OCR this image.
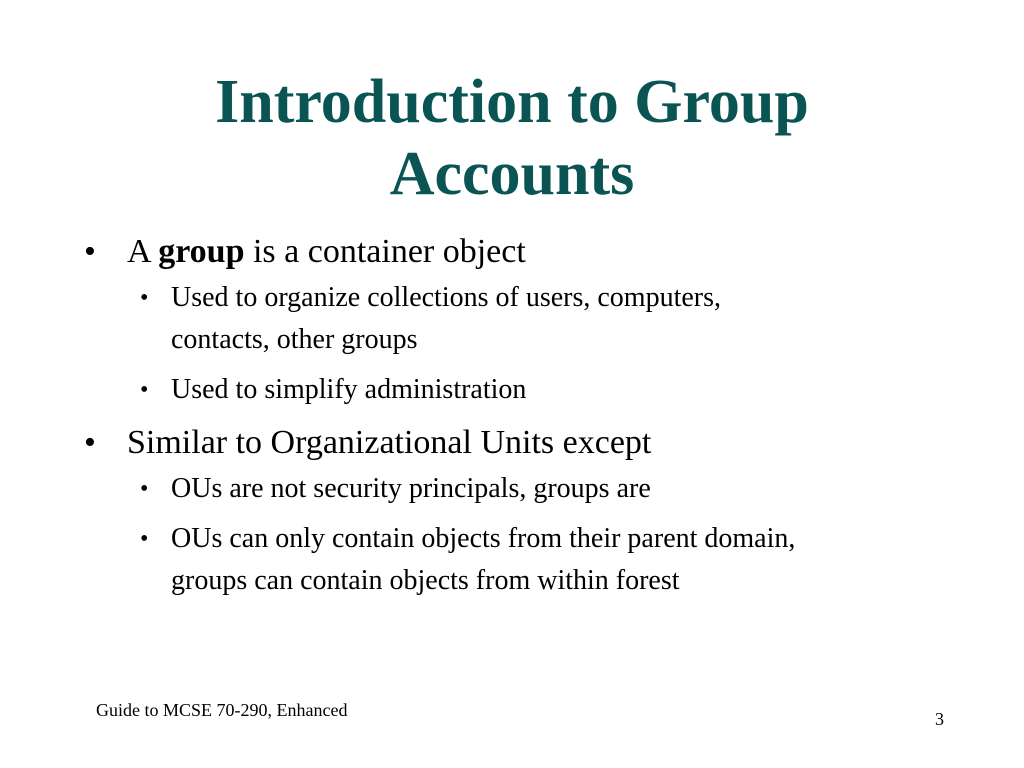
Introduction to Group
Accounts
• A group is a container object
• Used to organize collections of users, computers,
contacts, other groups
• Used to simplify administration
• Similar to Organizational Units except
• OUs are not security principals, groups are
• OUs can only contain objects from their parent domain,
groups can contain objects from within forest
Guide to MCSE 70-290, Enhanced	3
